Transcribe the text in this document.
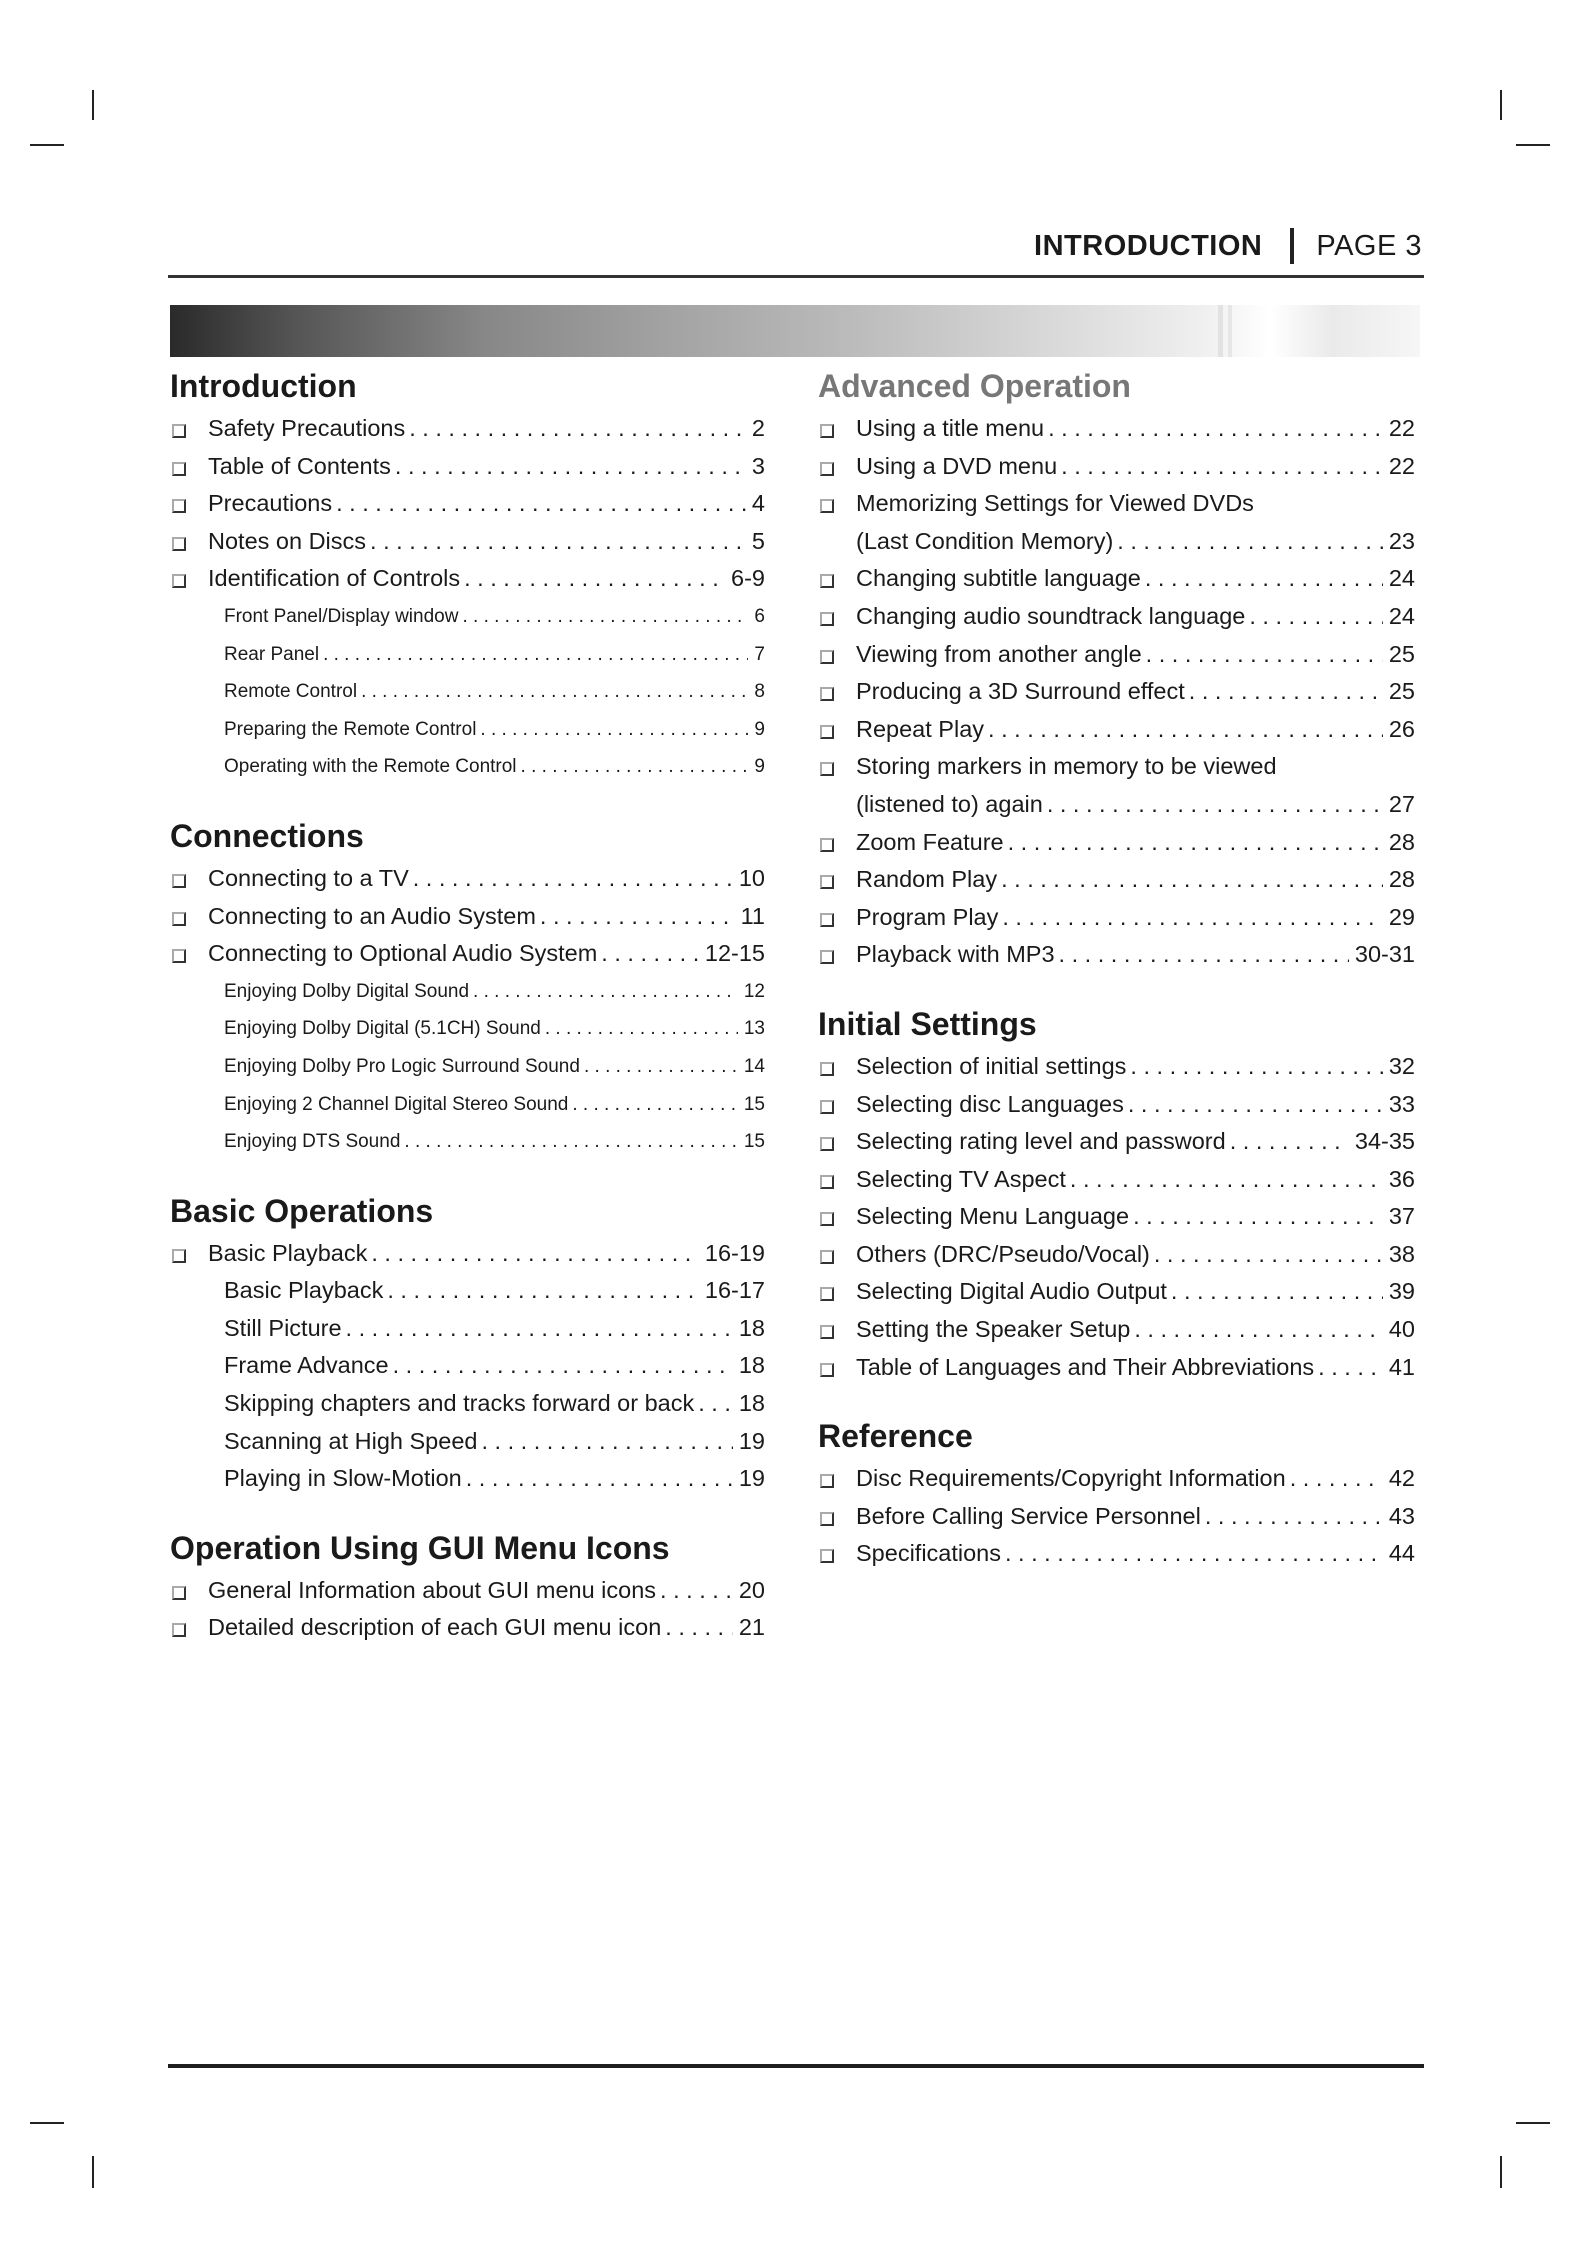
INTRODUCTION PAGE 3
Introduction
Safety Precautions . . .	2
Table of Contents . . .	3
Precautions . . .	4
Notes on Discs . . .	5
Identification of Controls . . .	6-9
Front Panel/Display window . . .	6
Rear Panel . . .	7
Remote Control . . .	8
Preparing the Remote Control . . .	9
Operating with the Remote Control . . .	9
Connections
Connecting to a TV . . .	10
Connecting to an Audio System . . .	11
Connecting to Optional Audio System . . .	12-15
Enjoying Dolby Digital Sound . . .	12
Enjoying Dolby Digital (5.1CH) Sound . . .	13
Enjoying Dolby Pro Logic Surround Sound . . .	14
Enjoying 2 Channel Digital Stereo Sound . . .	15
Enjoying DTS Sound . . .	15
Basic Operations
Basic Playback . . .	16-19
Basic Playback . . .	16-17
Still Picture . . .	18
Frame Advance . . .	18
Skipping chapters and tracks forward or back . . . 18
Scanning at High Speed . . .	19
Playing in Slow-Motion . . .	19
Operation Using GUI Menu Icons
General Information about GUI menu icons . . .	20
Detailed description of each GUI menu icon . . .	21
Advanced Operation
Using a title menu . . .	22
Using a DVD menu . . .	22
Memorizing Settings for Viewed DVDs
(Last Condition Memory) . . .	23
Changing subtitle language . . .	24
Changing audio soundtrack language . . .	24
Viewing from another angle . . .	25
Producing a 3D Surround effect . . .	25
Repeat Play . . .	26
Storing markers in memory to be viewed
(listened to) again . . .	27
Zoom Feature . . .	28
Random Play . . .	28
Program Play . . .	29
Playback with MP3 . . .	30-31
Initial Settings
Selection of initial settings . . .	32
Selecting disc Languages . . .	33
Selecting rating level and password . . .	34-35
Selecting TV Aspect . . .	36
Selecting Menu Language . . .	37
Others (DRC/Pseudo/Vocal) . . .	38
Selecting Digital Audio Output . . .	39
Setting the Speaker Setup . . .	40
Table of Languages and Their Abbreviations . . .	41
Reference
Disc Requirements/Copyright Information . . .	42
Before Calling Service Personnel . . .	43
Specifications . . .	44
